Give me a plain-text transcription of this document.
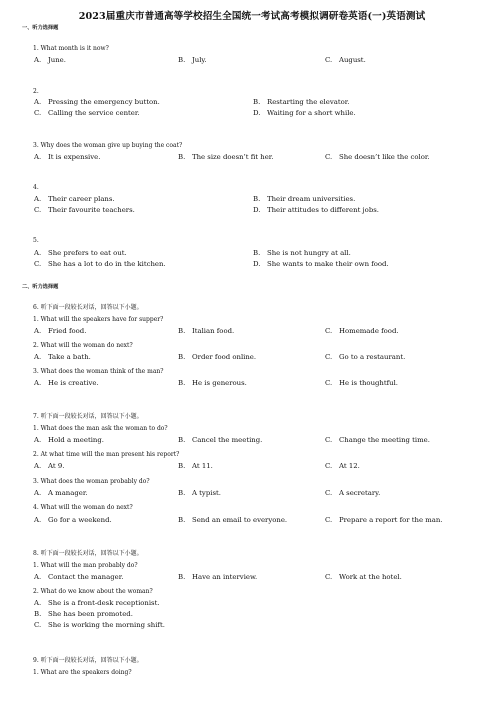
2023届重庆市普通高等学校招生全国统一考试高考模拟调研卷英语(一)英语测试
一、听力选择题
1. What month is it now?
A. June.	B. July.	C. August.
2.
A. Pressing the emergency button.	B. Restarting the elevator.
C. Calling the service center.	D. Waiting for a short while.
3. Why does the woman give up buying the coat?
A. It is expensive.	B. The size doesn’t fit her.	C. She doesn’t like the color.
4.
A. Their career plans.	B. Their dream universities.
C. Their favourite teachers.	D. Their attitudes to different jobs.
5.
A. She prefers to eat out.	B. She is not hungry at all.
C. She has a lot to do in the kitchen.	D. She wants to make their own food.
二、听力选择题
6. 听下面一段较长对话，回答以下小题。
1. What will the speakers have for supper?
A. Fried food.	B. Italian food.	C. Homemade food.
2. What will the woman do next?
A. Take a bath.	B. Order food online.	C. Go to a restaurant.
3. What does the woman think of the man?
A. He is creative.	B. He is generous.	C. He is thoughtful.
7. 听下面一段较长对话，回答以下小题。
1. What does the man ask the woman to do?
A. Hold a meeting.	B. Cancel the meeting.	C. Change the meeting time.
2. At what time will the man present his report?
A. At 9.	B. At 11.	C. At 12.
3. What does the woman probably do?
A. A manager.	B. A typist.	C. A secretary.
4. What will the woman do next?
A. Go for a weekend.	B. Send an email to everyone.	C. Prepare a report for the man.
8. 听下面一段较长对话，回答以下小题。
1. What will the man probably do?
A. Contact the manager.	B. Have an interview.	C. Work at the hotel.
2. What do we know about the woman?
A. She is a front-desk receptionist.
B. She has been promoted.
C. She is working the morning shift.
9. 听下面一段较长对话，回答以下小题。
1. What are the speakers doing?
